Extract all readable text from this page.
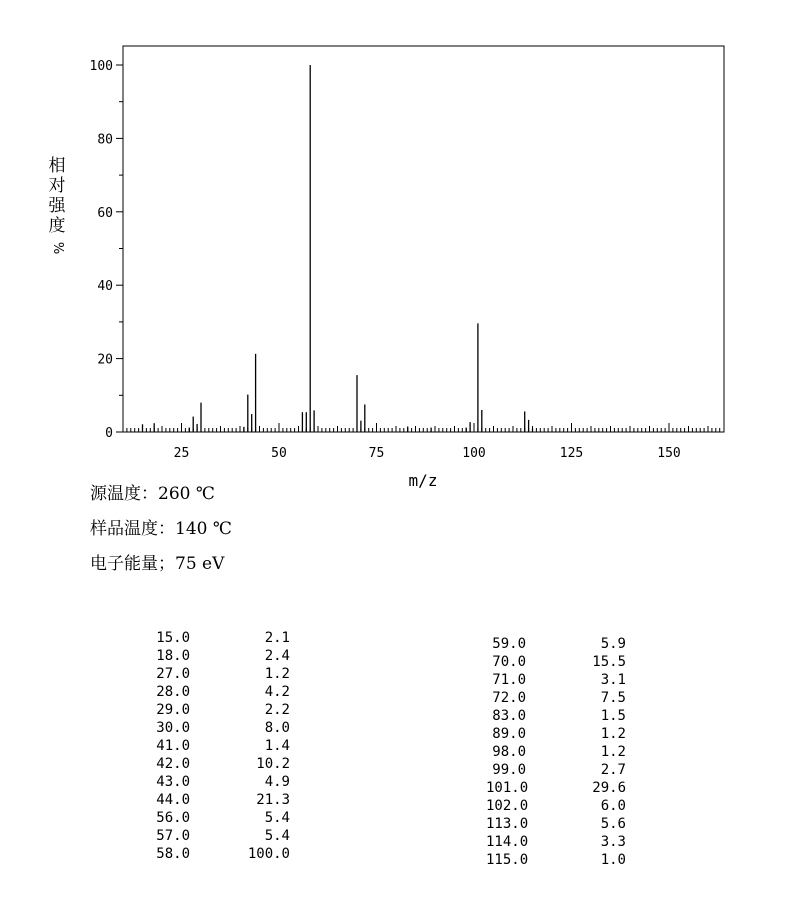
0
20
40
60
80
100
25	50	75	100	125	150
m/z
相
对
强
度
%
源温度：260 ℃
样品温度：140 ℃
电子能量；75 eV
15.0	2.1
18.0	2.4
27.0	1.2
28.0	4.2
29.0	2.2
30.0	8.0
41.0	1.4
42.0	10.2
43.0	4.9
44.0	21.3
56.0	5.4
57.0	5.4
58.0	100.0
59.0	5.9
70.0	15.5
71.0	3.1
72.0	7.5
83.0	1.5
89.0	1.2
98.0	1.2
99.0	2.7
101.0	29.6
102.0	6.0
113.0	5.6
114.0	3.3
115.0	1.0
